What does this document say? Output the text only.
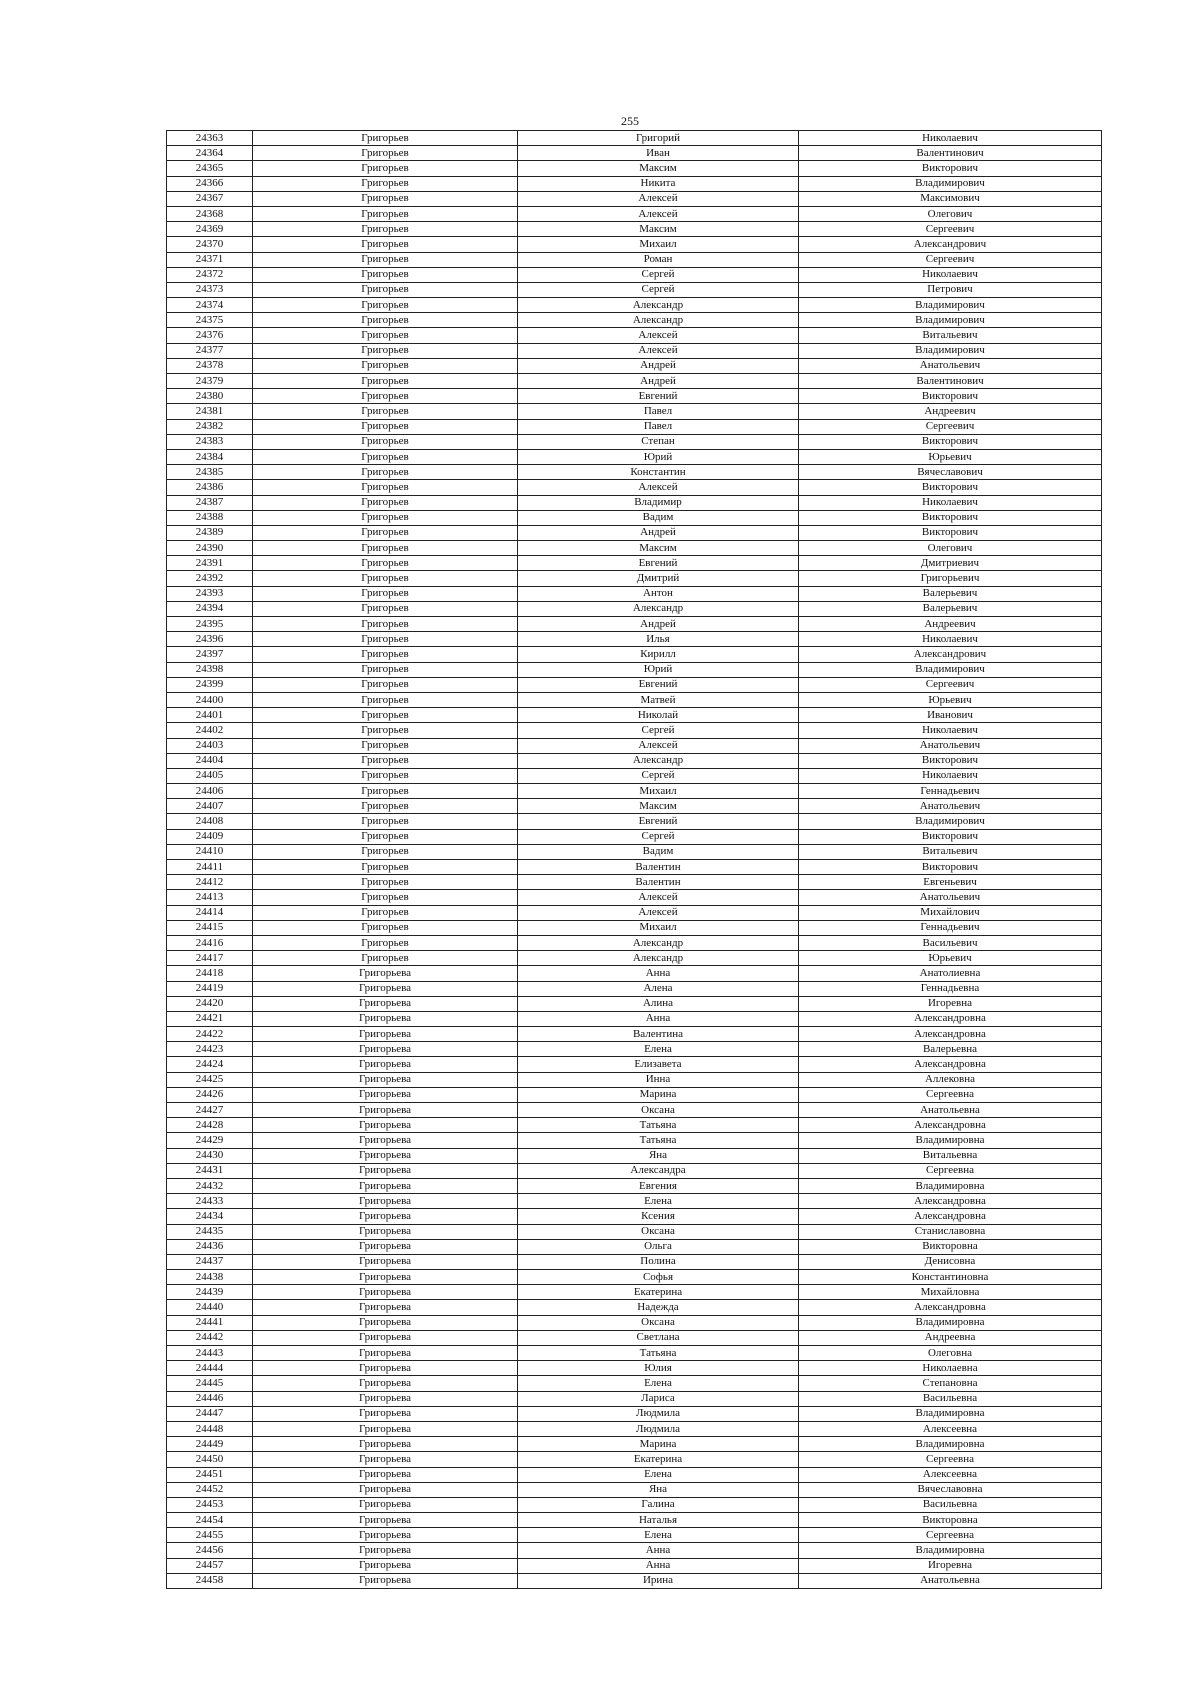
255
24363	Григорьев	Григорий	Николаевич
24364	Григорьев	Иван	Валентинович
24365	Григорьев	Максим	Викторович
24366	Григорьев	Никита	Владимирович
24367	Григорьев	Алексей	Максимович
24368	Григорьев	Алексей	Олегович
24369	Григорьев	Максим	Сергеевич
24370	Григорьев	Михаил	Александрович
24371	Григорьев	Роман	Сергеевич
24372	Григорьев	Сергей	Николаевич
24373	Григорьев	Сергей	Петрович
24374	Григорьев	Александр	Владимирович
24375	Григорьев	Александр	Владимирович
24376	Григорьев	Алексей	Витальевич
24377	Григорьев	Алексей	Владимирович
24378	Григорьев	Андрей	Анатольевич
24379	Григорьев	Андрей	Валентинович
24380	Григорьев	Евгений	Викторович
24381	Григорьев	Павел	Андреевич
24382	Григорьев	Павел	Сергеевич
24383	Григорьев	Степан	Викторович
24384	Григорьев	Юрий	Юрьевич
24385	Григорьев	Константин	Вячеславович
24386	Григорьев	Алексей	Викторович
24387	Григорьев	Владимир	Николаевич
24388	Григорьев	Вадим	Викторович
24389	Григорьев	Андрей	Викторович
24390	Григорьев	Максим	Олегович
24391	Григорьев	Евгений	Дмитриевич
24392	Григорьев	Дмитрий	Григорьевич
24393	Григорьев	Антон	Валерьевич
24394	Григорьев	Александр	Валерьевич
24395	Григорьев	Андрей	Андреевич
24396	Григорьев	Илья	Николаевич
24397	Григорьев	Кирилл	Александрович
24398	Григорьев	Юрий	Владимирович
24399	Григорьев	Евгений	Сергеевич
24400	Григорьев	Матвей	Юрьевич
24401	Григорьев	Николай	Иванович
24402	Григорьев	Сергей	Николаевич
24403	Григорьев	Алексей	Анатольевич
24404	Григорьев	Александр	Викторович
24405	Григорьев	Сергей	Николаевич
24406	Григорьев	Михаил	Геннадьевич
24407	Григорьев	Максим	Анатольевич
24408	Григорьев	Евгений	Владимирович
24409	Григорьев	Сергей	Викторович
24410	Григорьев	Вадим	Витальевич
24411	Григорьев	Валентин	Викторович
24412	Григорьев	Валентин	Евгеньевич
24413	Григорьев	Алексей	Анатольевич
24414	Григорьев	Алексей	Михайлович
24415	Григорьев	Михаил	Геннадьевич
24416	Григорьев	Александр	Васильевич
24417	Григорьев	Александр	Юрьевич
24418	Григорьева	Анна	Анатолиевна
24419	Григорьева	Алена	Геннадьевна
24420	Григорьева	Алина	Игоревна
24421	Григорьева	Анна	Александровна
24422	Григорьева	Валентина	Александровна
24423	Григорьева	Елена	Валерьевна
24424	Григорьева	Елизавета	Александровна
24425	Григорьева	Инна	Аллековна
24426	Григорьева	Марина	Сергеевна
24427	Григорьева	Оксана	Анатольевна
24428	Григорьева	Татьяна	Александровна
24429	Григорьева	Татьяна	Владимировна
24430	Григорьева	Яна	Витальевна
24431	Григорьева	Александра	Сергеевна
24432	Григорьева	Евгения	Владимировна
24433	Григорьева	Елена	Александровна
24434	Григорьева	Ксения	Александровна
24435	Григорьева	Оксана	Станиславовна
24436	Григорьева	Ольга	Викторовна
24437	Григорьева	Полина	Денисовна
24438	Григорьева	Софья	Константиновна
24439	Григорьева	Екатерина	Михайловна
24440	Григорьева	Надежда	Александровна
24441	Григорьева	Оксана	Владимировна
24442	Григорьева	Светлана	Андреевна
24443	Григорьева	Татьяна	Олеговна
24444	Григорьева	Юлия	Николаевна
24445	Григорьева	Елена	Степановна
24446	Григорьева	Лариса	Васильевна
24447	Григорьева	Людмила	Владимировна
24448	Григорьева	Людмила	Алексеевна
24449	Григорьева	Марина	Владимировна
24450	Григорьева	Екатерина	Сергеевна
24451	Григорьева	Елена	Алексеевна
24452	Григорьева	Яна	Вячеславовна
24453	Григорьева	Галина	Васильевна
24454	Григорьева	Наталья	Викторовна
24455	Григорьева	Елена	Сергеевна
24456	Григорьева	Анна	Владимировна
24457	Григорьева	Анна	Игоревна
24458	Григорьева	Ирина	Анатольевна
